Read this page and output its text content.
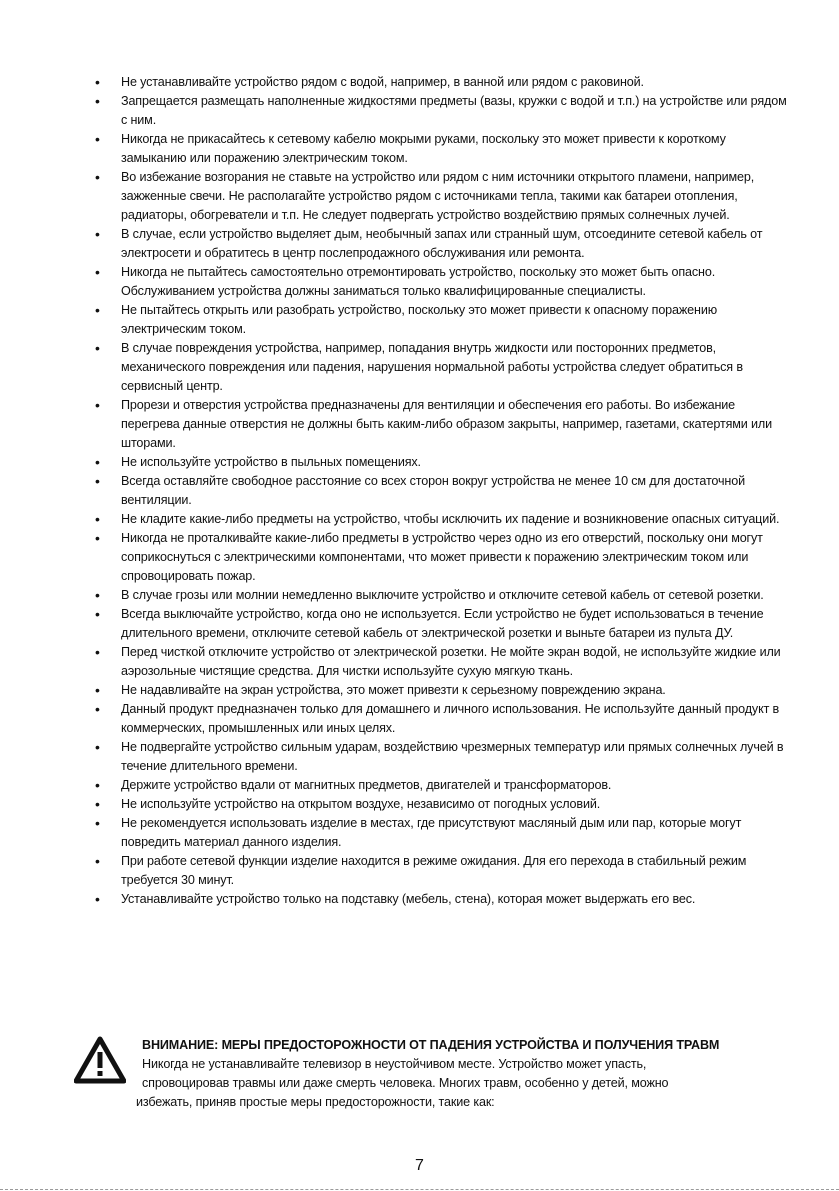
• Не устанавливайте устройство рядом с водой, например, в ванной или рядом с раковиной.
• Запрещается размещать наполненные жидкостями предметы (вазы, кружки с водой и т.п.) на устройстве или рядом с ним.
• Никогда не прикасайтесь к сетевому кабелю мокрыми руками, поскольку это может привести к короткому замыканию или поражению электрическим током.
• Во избежание возгорания не ставьте на устройство или рядом с ним источники открытого пламени, например, зажженные свечи. Не располагайте устройство рядом с источниками тепла, такими как батареи отопления, радиаторы, обогреватели и т.п. Не следует подвергать устройство воздействию прямых солнечных лучей.
• В случае, если устройство выделяет дым, необычный запах или странный шум, отсоедините сетевой кабель от электросети и обратитесь в центр послепродажного обслуживания или ремонта.
• Никогда не пытайтесь самостоятельно отремонтировать устройство, поскольку это может быть опасно. Обслуживанием устройства должны заниматься только квалифицированные специалисты.
• Не пытайтесь открыть или разобрать устройство, поскольку это может привести к опасному поражению электрическим током.
• В случае повреждения устройства, например, попадания внутрь жидкости или посторонних предметов, механического повреждения или падения, нарушения нормальной работы устройства следует обратиться в сервисный центр.
• Прорези и отверстия устройства предназначены для вентиляции и обеспечения его работы. Во избежание перегрева данные отверстия не должны быть каким-либо образом закрыты, например, газетами, скатертями или шторами.
• Не используйте устройство в пыльных помещениях.
• Всегда оставляйте свободное расстояние со всех сторон вокруг устройства не менее 10 см для достаточной вентиляции.
• Не кладите какие-либо предметы на устройство, чтобы исключить их падение и возникновение опасных ситуаций.
• Никогда не проталкивайте какие-либо предметы в устройство через одно из его отверстий, поскольку они могут соприкоснуться с электрическими компонентами, что может привести к поражению электрическим током или спровоцировать пожар.
• В случае грозы или молнии немедленно выключите устройство и отключите сетевой кабель от сетевой розетки.
• Всегда выключайте устройство, когда оно не используется. Если устройство не будет использоваться в течение длительного времени, отключите сетевой кабель от электрической розетки и выньте батареи из пульта ДУ.
• Перед чисткой отключите устройство от электрической розетки. Не мойте экран водой, не используйте жидкие или аэрозольные чистящие средства. Для чистки используйте сухую мягкую ткань.
• Не надавливайте на экран устройства, это может привезти к серьезному повреждению экрана.
• Данный продукт предназначен только для домашнего и личного использования. Не используйте данный продукт в коммерческих, промышленных или иных целях.
• Не подвергайте устройство сильным ударам, воздействию чрезмерных температур или прямых солнечных лучей в течение длительного времени.
• Держите устройство вдали от магнитных предметов, двигателей и трансформаторов.
• Не используйте устройство на открытом воздухе, независимо от погодных условий.
• Не рекомендуется использовать изделие в местах, где присутствуют масляный дым или пар, которые могут повредить материал данного изделия.
• При работе сетевой функции изделие находится в режиме ожидания. Для его перехода в стабильный режим требуется 30 минут.
• Устанавливайте устройство только на подставку (мебель, стена), которая может выдержать его вес.
ВНИМАНИЕ: МЕРЫ ПРЕДОСТОРОЖНОСТИ ОТ ПАДЕНИЯ УСТРОЙСТВА И ПОЛУЧЕНИЯ ТРАВМ
Никогда не устанавливайте телевизор в неустойчивом месте. Устройство может упасть,
спровоцировав травмы или даже смерть человека. Многих травм, особенно у детей, можно
избежать, приняв простые меры предосторожности, такие как:
7
